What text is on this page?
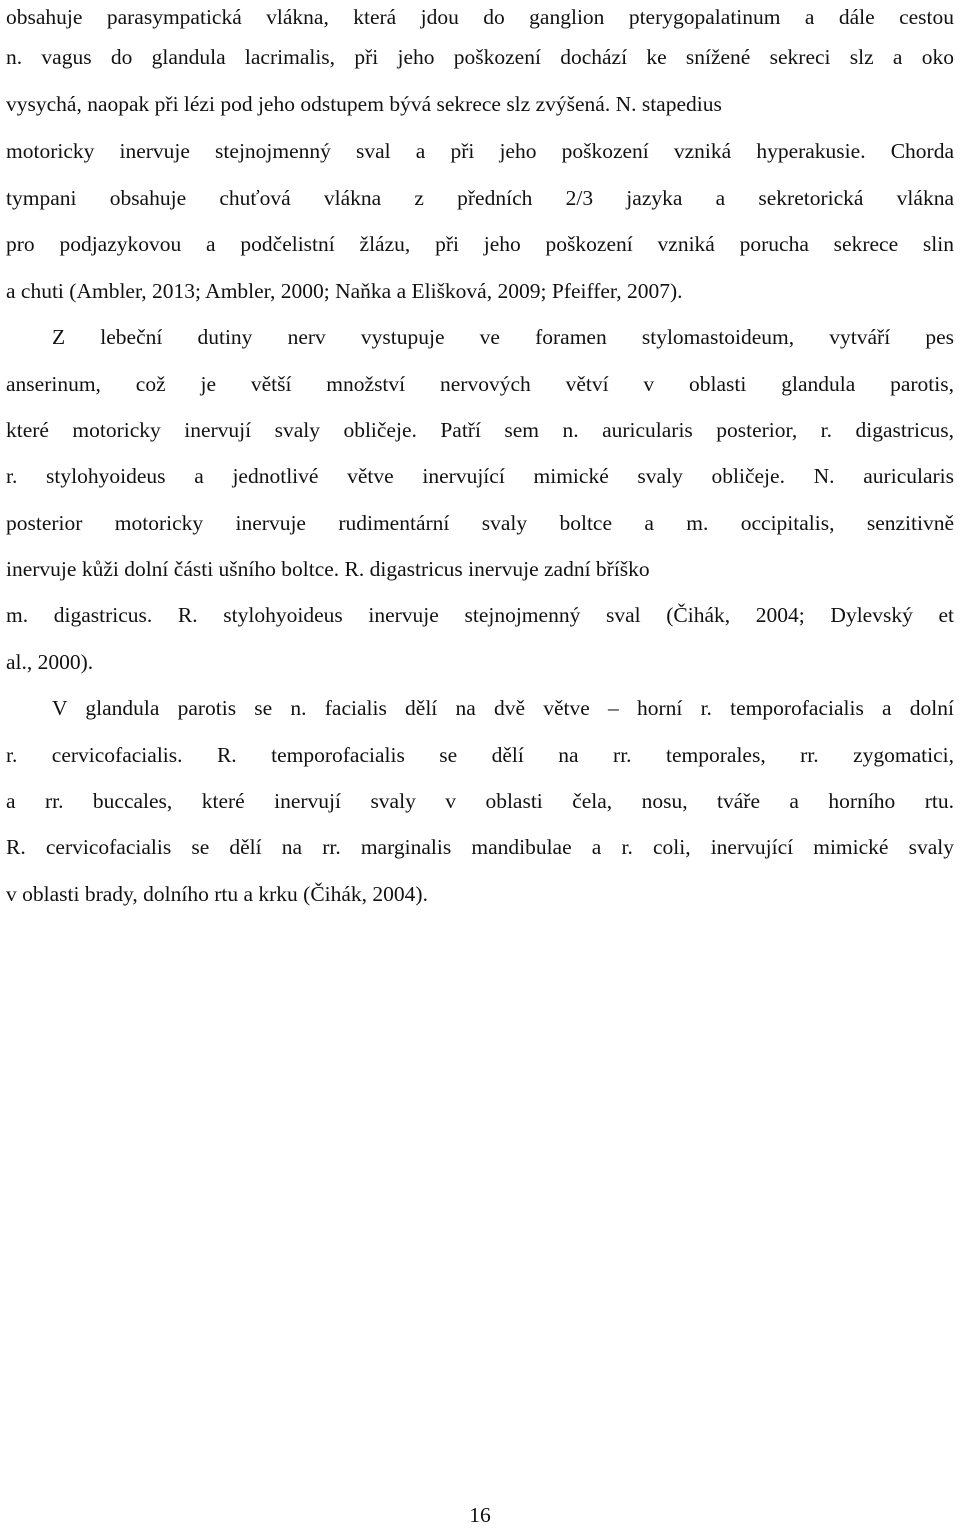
obsahuje parasympatická vlákna, která jdou do ganglion pterygopalatinum a dále cestou
n. vagus do glandula lacrimalis, při jeho poškození dochází ke snížené sekreci slz a oko
vysychá, naopak při lézi pod jeho odstupem bývá sekrece slz zvýšená. N. stapedius
motoricky inervuje stejnojmenný sval a při jeho poškození vzniká hyperakusie. Chorda
tympani obsahuje chuťová vlákna z předních 2/3 jazyka a sekretorická vlákna
pro podjazykovou a podčelistní žlázu, při jeho poškození vzniká porucha sekrece slin
a chuti (Ambler, 2013; Ambler, 2000; Naňka a Elišková, 2009; Pfeiffer, 2007).
Z lebeční dutiny nerv vystupuje ve foramen stylomastoideum, vytváří pes
anserinum, což je větší množství nervových větví v oblasti glandula parotis,
které motoricky inervují svaly obličeje. Patří sem n. auricularis posterior, r. digastricus,
r. stylohyoideus a jednotlivé větve inervující mimické svaly obličeje. N. auricularis
posterior motoricky inervuje rudimentární svaly boltce a m. occipitalis, senzitivně
inervuje kůži dolní části ušního boltce. R. digastricus inervuje zadní bříško
m. digastricus. R. stylohyoideus inervuje stejnojmenný sval (Čihák, 2004; Dylevský et
al., 2000).
V glandula parotis se n. facialis dělí na dvě větve – horní r. temporofacialis a dolní
r. cervicofacialis. R. temporofacialis se dělí na rr. temporales, rr. zygomatici,
a rr. buccales, které inervují svaly v oblasti čela, nosu, tváře a horního rtu.
R. cervicofacialis se dělí na rr. marginalis mandibulae a r. coli, inervující mimické svaly
v oblasti brady, dolního rtu a krku (Čihák, 2004).
16
